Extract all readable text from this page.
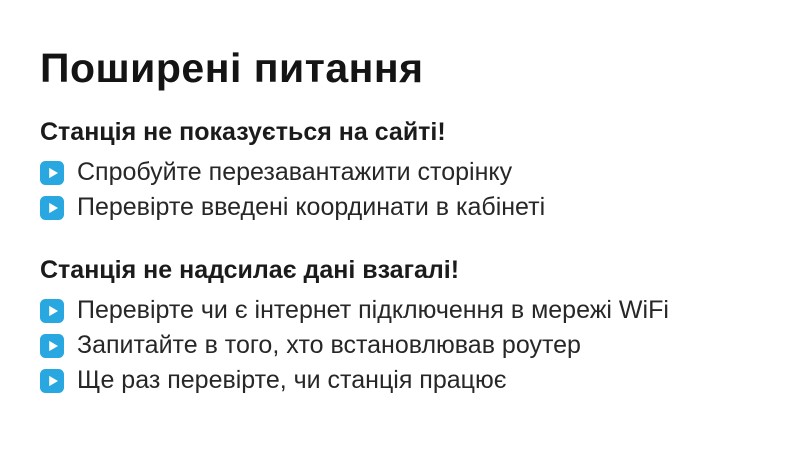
Поширені питання
Станція не показується на сайті!
Спробуйте перезавантажити сторінку
Перевірте введені координати в кабінеті
Станція не надсилає дані взагалі!
Перевірте чи є інтернет підключення в мережі WiFi
Запитайте в того, хто встановлював роутер
Ще раз перевірте, чи станція працює
